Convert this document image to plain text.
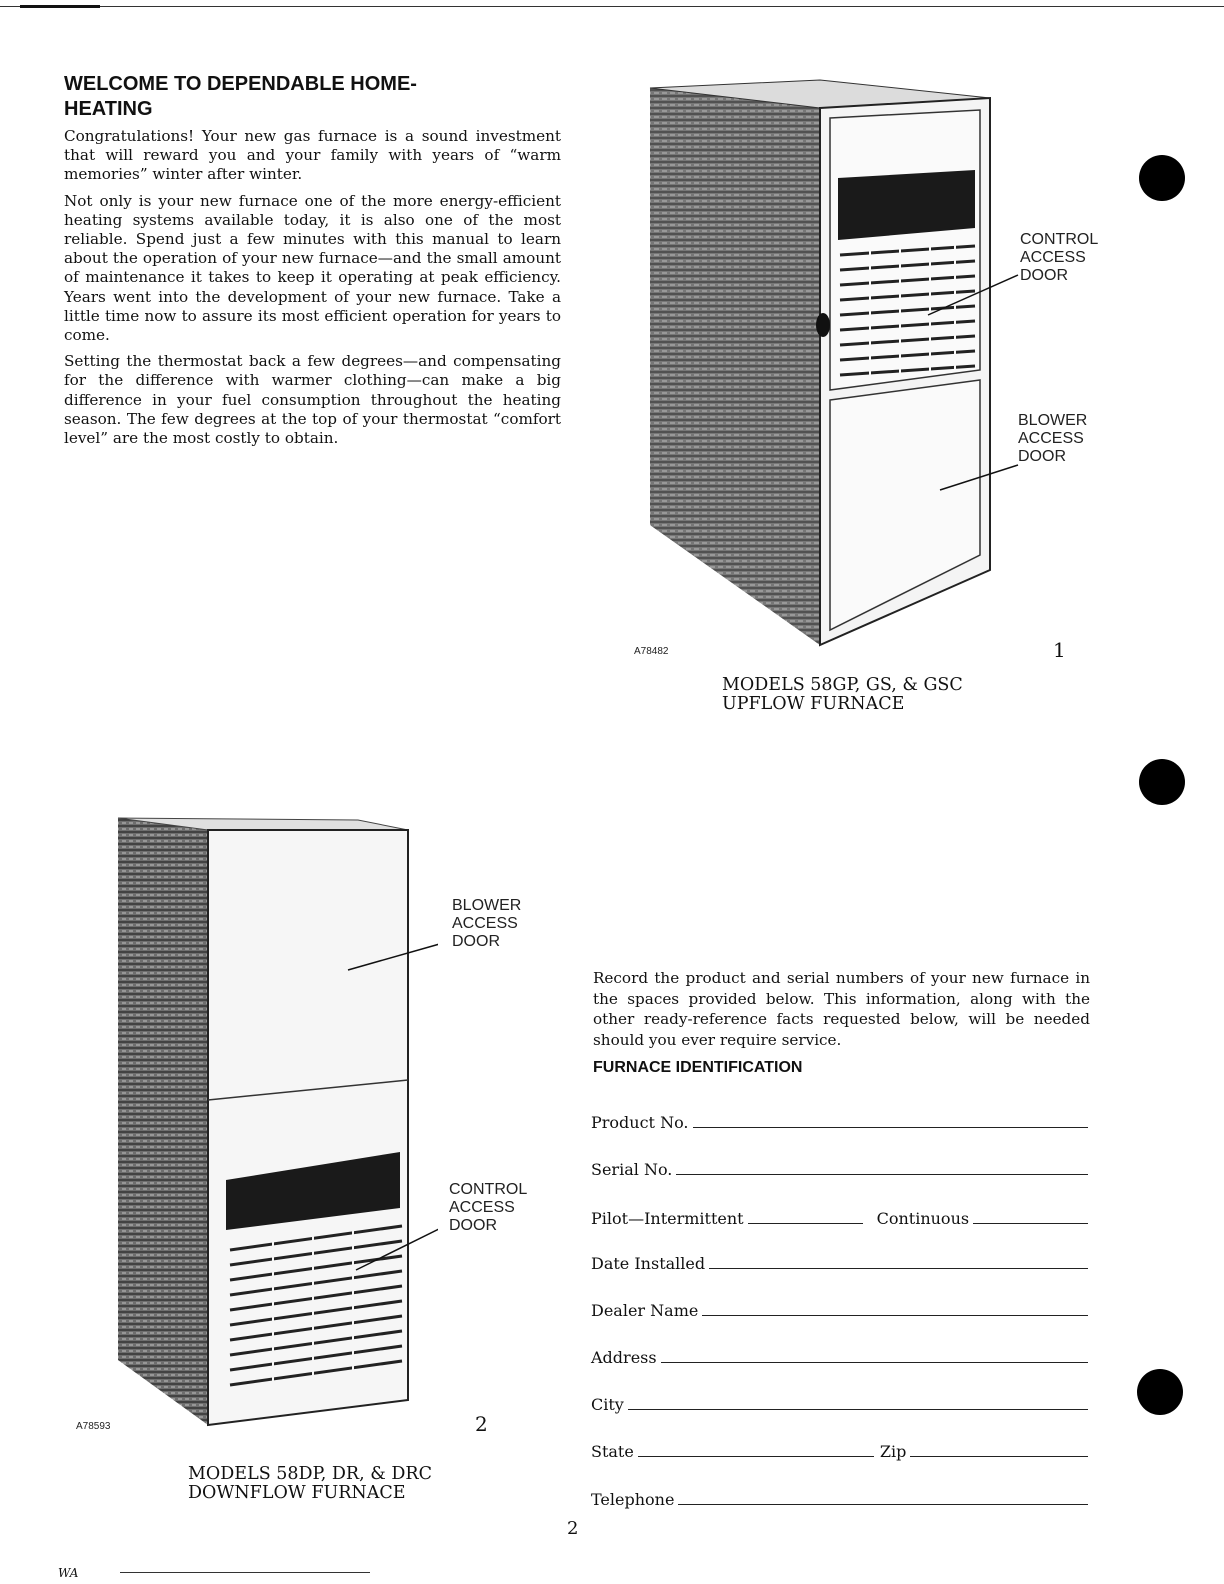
WELCOME TO DEPENDABLE HOME-HEATING

Congratulations! Your new gas furnace is a sound investment that will reward you and your family with years of “warm memories” winter after winter.

Not only is your new furnace one of the more energy-efficient heating systems available today, it is also one of the most reliable. Spend just a few minutes with this manual to learn about the operation of your new furnace—and the small amount of maintenance it takes to keep it operating at peak efficiency. Years went into the development of your new furnace. Take a little time now to assure its most efficient operation for years to come.

Setting the thermostat back a few degrees—and compensating for the difference with warmer clothing—can make a big difference in your fuel consumption throughout the heating season. The few degrees at the top of your thermostat “comfort level” are the most costly to obtain.

CONTROL ACCESS DOOR
BLOWER ACCESS DOOR
A78482	1
MODELS 58GP, GS, & GSC
UPFLOW FURNACE
BLOWER ACCESS DOOR
CONTROL ACCESS DOOR
A78593	2
MODELS 58DP, DR, & DRC
DOWNFLOW FURNACE
Record the product and serial numbers of your new furnace in the spaces provided below. This information, along with the other ready-reference facts requested below, will be needed should you ever require service.
FURNACE IDENTIFICATION
Product No.
Serial No.
Pilot—Intermittent	Continuous
Date Installed
Dealer Name
Address
City
State	Zip
Telephone
2
WA
